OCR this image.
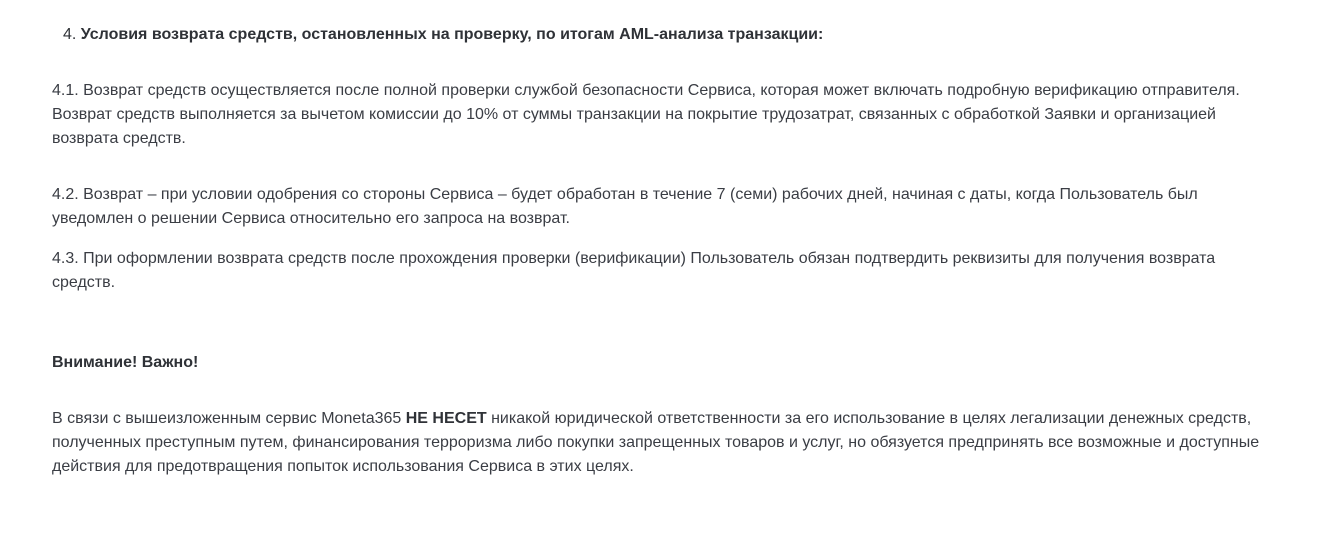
4. Условия возврата средств, остановленных на проверку, по итогам AML-анализа транзакции:

4.1. Возврат средств осуществляется после полной проверки службой безопасности Сервиса, которая может включать подробную верификацию отправителя. Возврат средств выполняется за вычетом комиссии до 10% от суммы транзакции на покрытие трудозатрат, связанных с обработкой Заявки и организацией возврата средств.

4.2. Возврат – при условии одобрения со стороны Сервиса – будет обработан в течение 7 (семи) рабочих дней, начиная с даты, когда Пользователь был уведомлен о решении Сервиса относительно его запроса на возврат.

4.3. При оформлении возврата средств после прохождения проверки (верификации) Пользователь обязан подтвердить реквизиты для получения возврата средств.

Внимание! Важно!

В связи с вышеизложенным сервис Moneta365 НЕ НЕСЕТ никакой юридической ответственности за его использование в целях легализации денежных средств, полученных преступным путем, финансирования терроризма либо покупки запрещенных товаров и услуг, но обязуется предпринять все возможные и доступные действия для предотвращения попыток использования Сервиса в этих целях.
